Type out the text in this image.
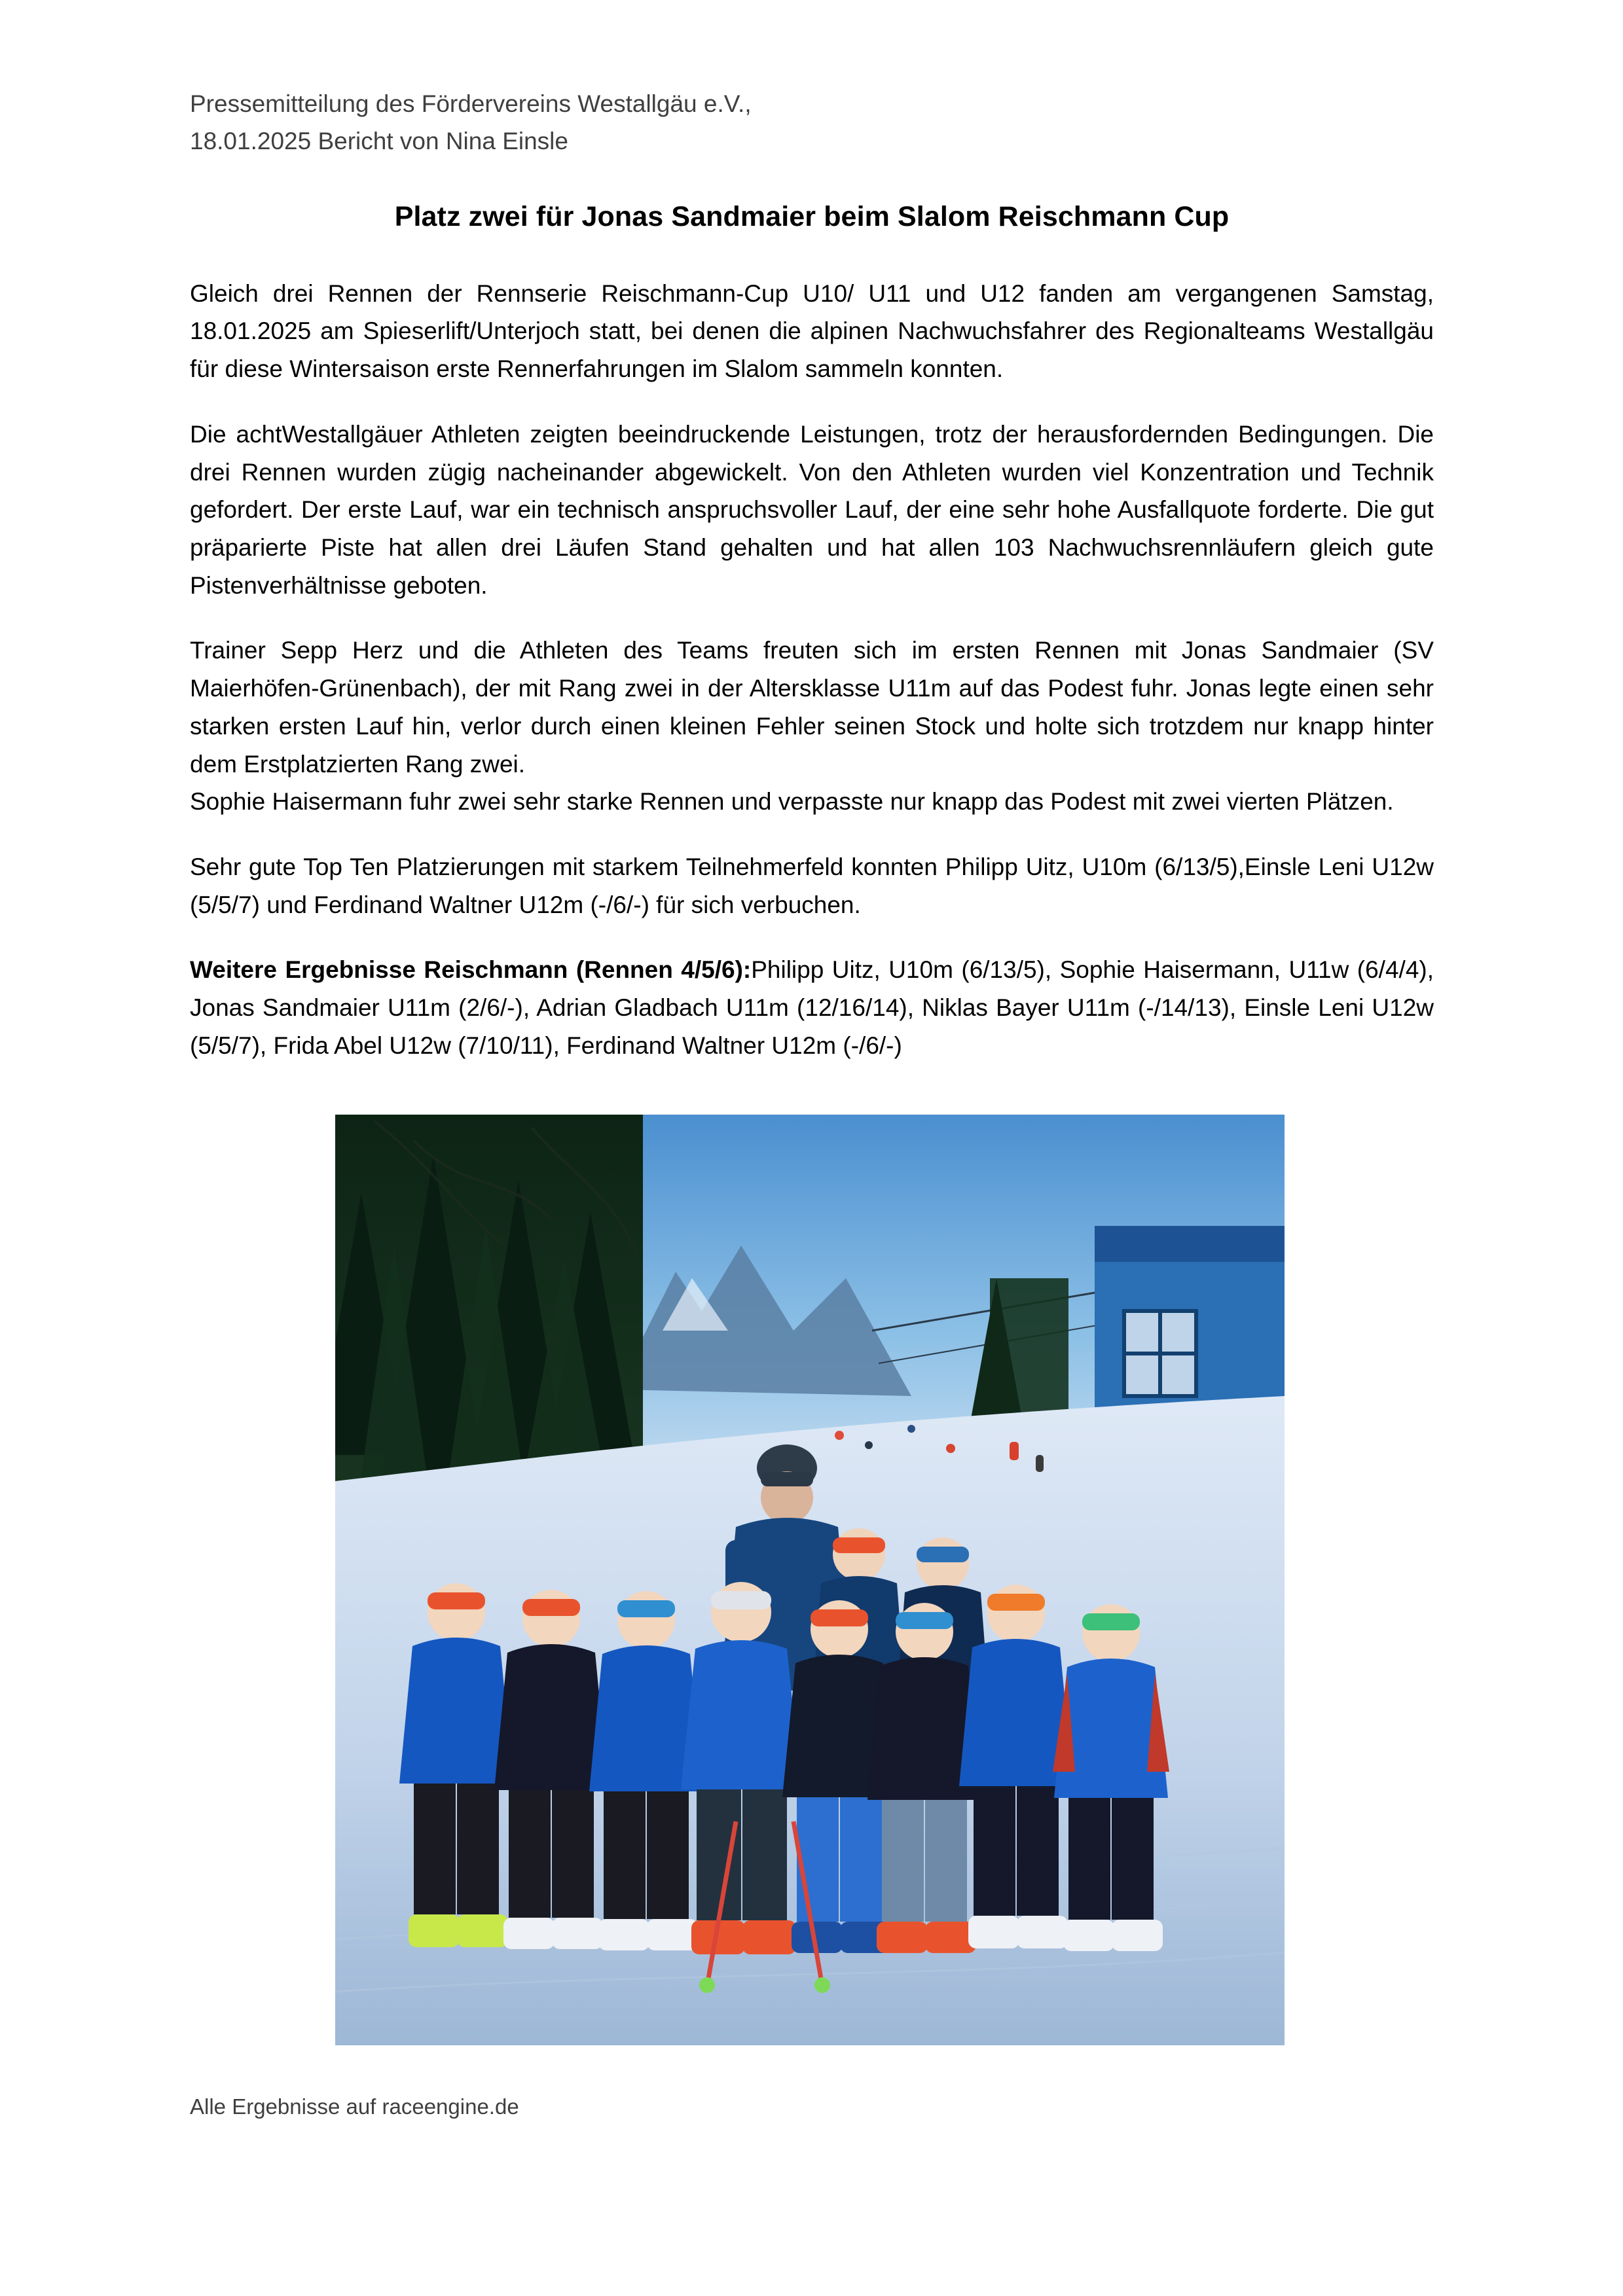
Pressemitteilung des Fördervereins Westallgäu e.V.,
18.01.2025 Bericht von Nina Einsle
Platz zwei für Jonas Sandmaier beim Slalom Reischmann Cup

Gleich drei Rennen der Rennserie Reischmann-Cup U10/ U11 und U12 fanden am vergangenen Samstag, 18.01.2025 am Spieserlift/Unterjoch statt, bei denen die alpinen Nachwuchsfahrer des Regionalteams Westallgäu für diese Wintersaison erste Rennerfahrungen im Slalom sammeln konnten.

Die achtWestallgäuer Athleten zeigten beeindruckende Leistungen, trotz der herausfordernden Bedingungen. Die drei Rennen wurden zügig nacheinander abgewickelt. Von den Athleten wurden viel Konzentration und Technik gefordert. Der erste Lauf, war ein technisch anspruchsvoller Lauf, der eine sehr hohe Ausfallquote forderte. Die gut präparierte Piste hat allen drei Läufen Stand gehalten und hat allen 103 Nachwuchsrennläufern gleich gute Pistenverhältnisse geboten.

Trainer Sepp Herz und die Athleten des Teams freuten sich im ersten Rennen mit Jonas Sandmaier (SV Maierhöfen-Grünenbach), der mit Rang zwei in der Altersklasse U11m auf das Podest fuhr. Jonas legte einen sehr starken ersten Lauf hin, verlor durch einen kleinen Fehler seinen Stock und holte sich trotzdem nur knapp hinter dem Erstplatzierten Rang zwei.

Sophie Haisermann fuhr zwei sehr starke Rennen und verpasste nur knapp das Podest mit zwei vierten Plätzen.

Sehr gute Top Ten Platzierungen mit starkem Teilnehmerfeld konnten Philipp Uitz, U10m (6/13/5),Einsle Leni U12w (5/5/7) und Ferdinand Waltner U12m (-/6/-) für sich verbuchen.

Weitere Ergebnisse Reischmann (Rennen 4/5/6):Philipp Uitz, U10m (6/13/5), Sophie Haisermann, U11w (6/4/4), Jonas Sandmaier U11m (2/6/-), Adrian Gladbach U11m (12/16/14), Niklas Bayer U11m (-/14/13), Einsle Leni U12w (5/5/7), Frida Abel U12w (7/10/11), Ferdinand Waltner U12m (-/6/-)

Alle Ergebnisse auf raceengine.de
